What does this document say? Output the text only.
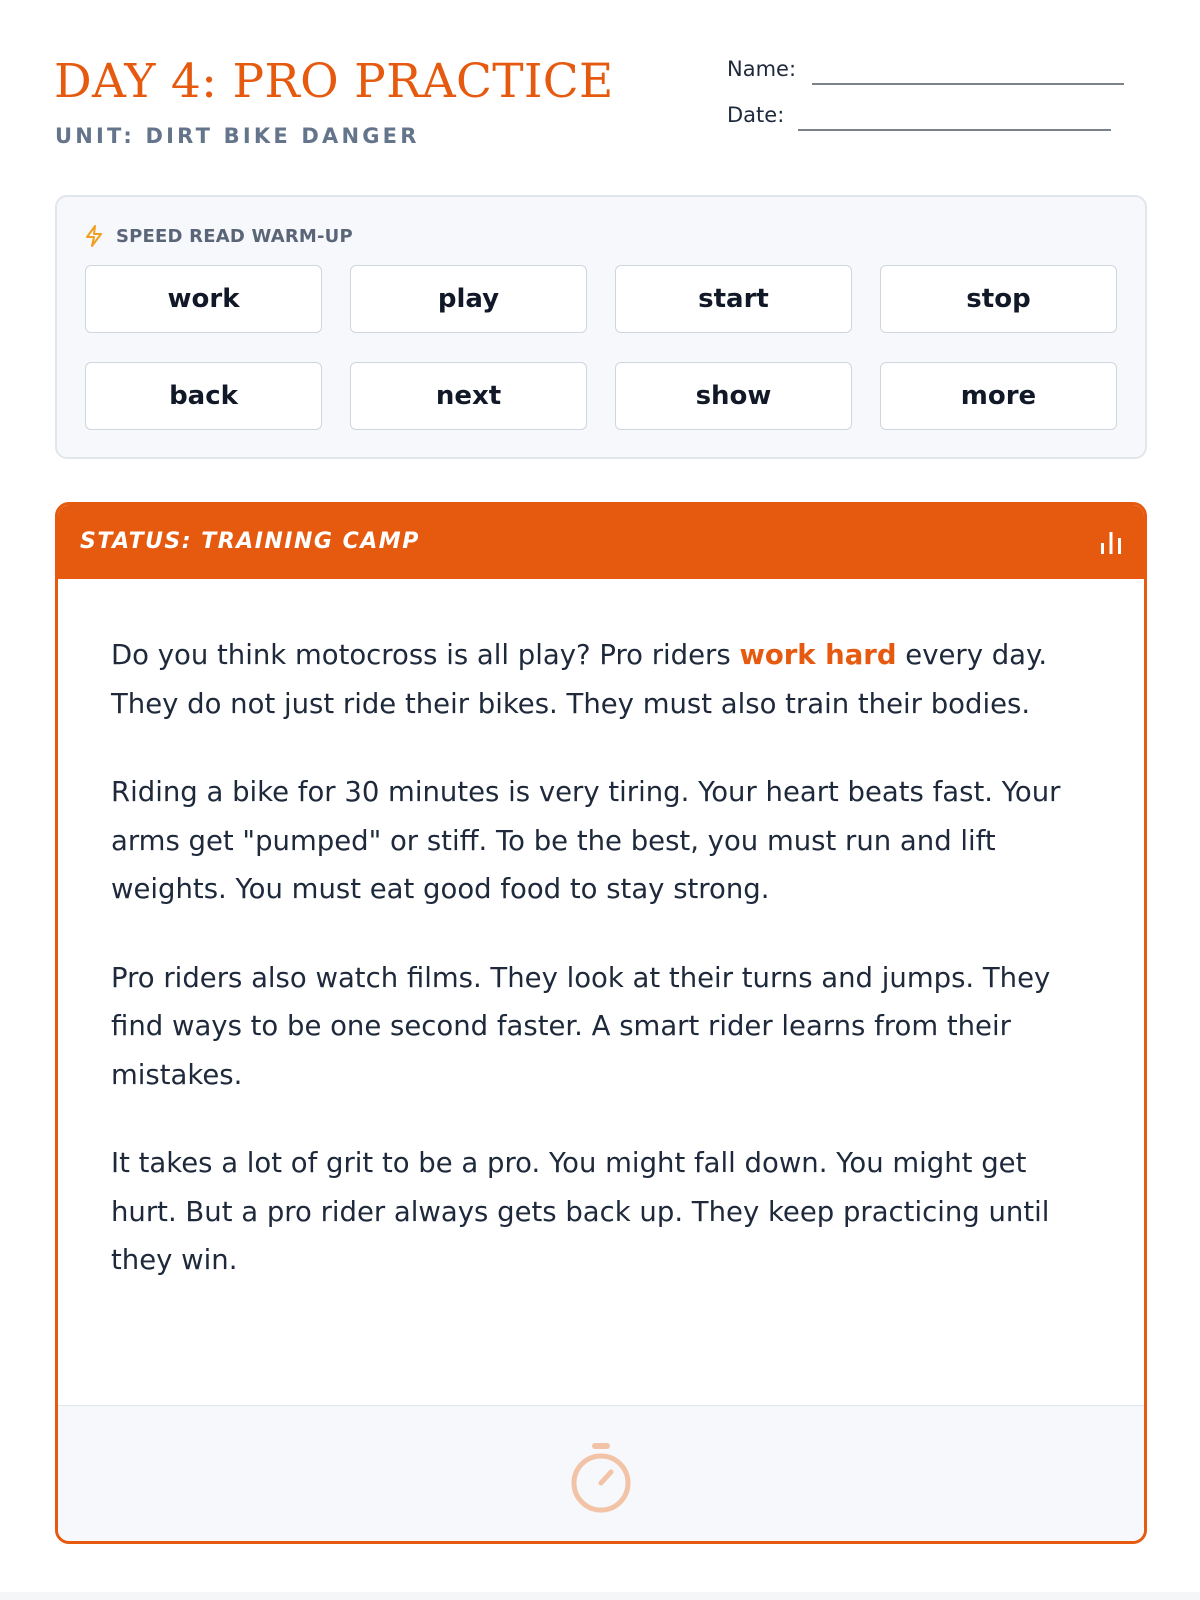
DAY 4: PRO PRACTICE
UNIT: DIRT BIKE DANGER
Name:
Date:
SPEED READ WARM-UP
work	play	start	stop
back	next	show	more
STATUS: TRAINING CAMP

Do you think motocross is all play? Pro riders work hard every day. They do not just ride their bikes. They must also train their bodies.

Riding a bike for 30 minutes is very tiring. Your heart beats fast. Your arms get "pumped" or stiff. To be the best, you must run and lift weights. You must eat good food to stay strong.

Pro riders also watch films. They look at their turns and jumps. They find ways to be one second faster. A smart rider learns from their mistakes.

It takes a lot of grit to be a pro. You might fall down. You might get hurt. But a pro rider always gets back up. They keep practicing until they win.
